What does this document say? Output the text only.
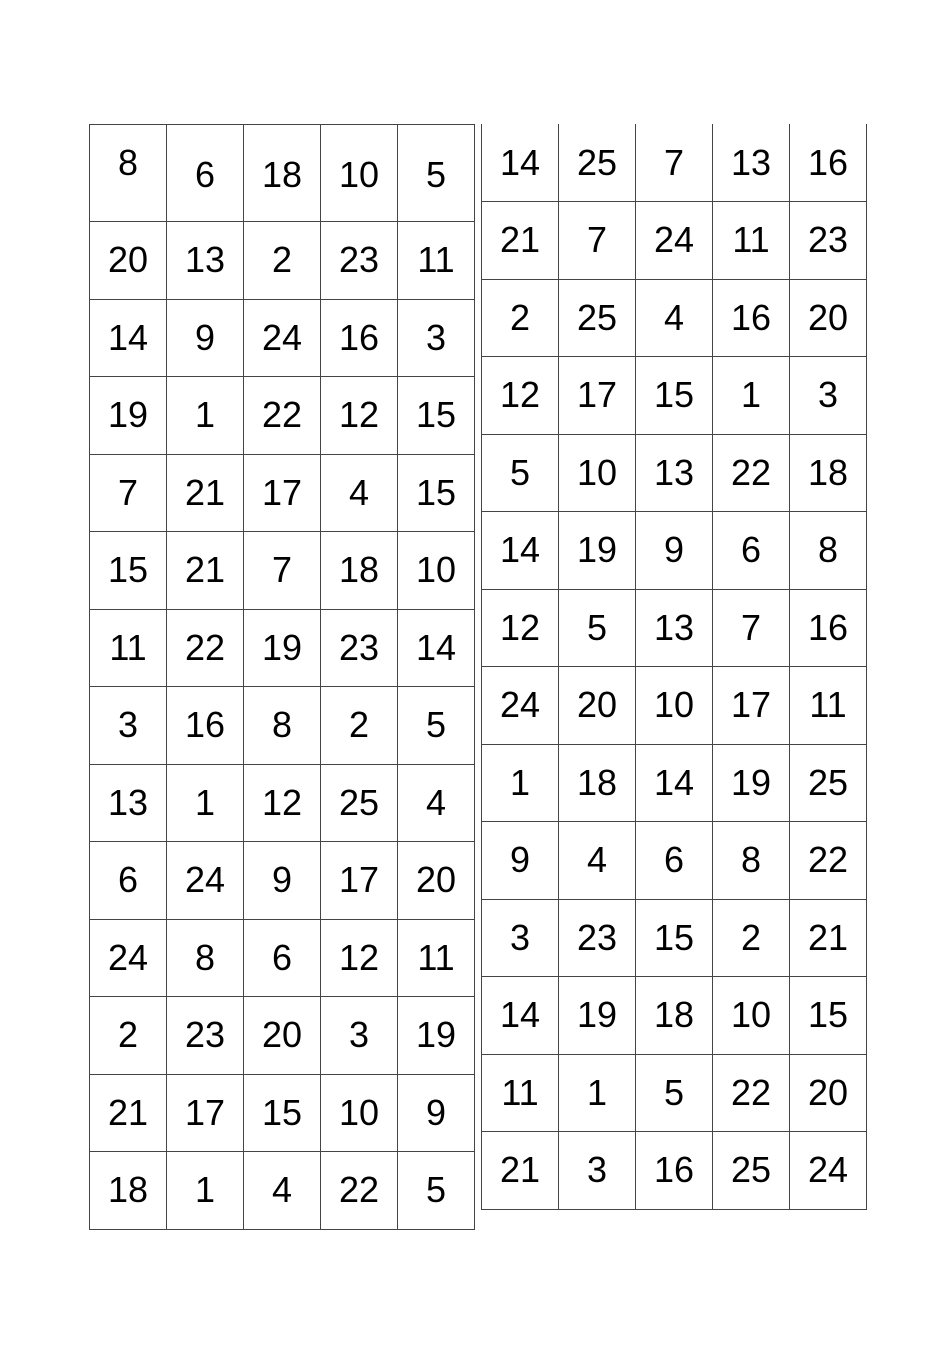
8	6	18	10	5
20	13	2	23	11
14	9	24	16	3
19	1	22	12	15
7	21	17	4	15
15	21	7	18	10
11	22	19	23	14
3	16	8	2	5
13	1	12	25	4
6	24	9	17	20
24	8	6	12	11
2	23	20	3	19
21	17	15	10	9
18	1	4	22	5
14	25	7	13	16
21	7	24	11	23
2	25	4	16	20
12	17	15	1	3
5	10	13	22	18
14	19	9	6	8
12	5	13	7	16
24	20	10	17	11
1	18	14	19	25
9	4	6	8	22
3	23	15	2	21
14	19	18	10	15
11	1	5	22	20
21	3	16	25	24
